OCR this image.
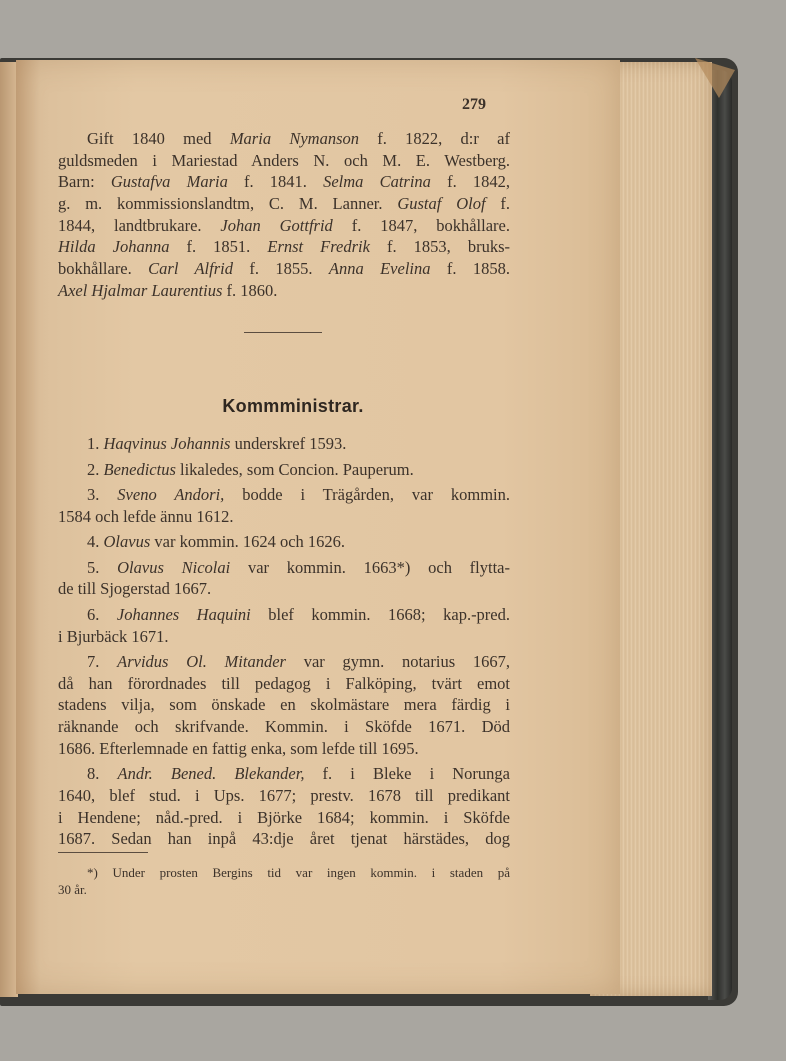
279
Gift 1840 med Maria Nymanson f. 1822, d:r af
guldsmeden i Mariestad Anders N. och M. E. Westberg.
Barn: Gustafva Maria f. 1841. Selma Catrina f. 1842,
g. m. kommissionslandtm, C. M. Lanner. Gustaf Olof f.
1844, landtbrukare. Johan Gottfrid f. 1847, bokhållare.
Hilda Johanna f. 1851. Ernst Fredrik f. 1853, bruks-
bokhållare. Carl Alfrid f. 1855. Anna Evelina f. 1858.
Axel Hjalmar Laurentius f. 1860.
Kommministrar.
1. Haqvinus Johannis underskref 1593.
2. Benedictus likaledes, som Concion. Pauperum.
3. Sveno Andori, bodde i Trägården, var kommin.
1584 och lefde ännu 1612.
4. Olavus var kommin. 1624 och 1626.
5. Olavus Nicolai var kommin. 1663*) och flytta-
de till Sjogerstad 1667.
6. Johannes Haquini blef kommin. 1668; kap.-pred.
i Bjurbäck 1671.
7. Arvidus Ol. Mitander var gymn. notarius 1667,
då han förordnades till pedagog i Falköping, tvärt emot
stadens vilja, som önskade en skolmästare mera färdig i
räknande och skrifvande. Kommin. i Sköfde 1671. Död
1686. Efterlemnade en fattig enka, som lefde till 1695.
8. Andr. Bened. Blekander, f. i Bleke i Norunga
1640, blef stud. i Ups. 1677; prestv. 1678 till predikant
i Hendene; nåd.-pred. i Björke 1684; kommin. i Sköfde
1687. Sedan han inpå 43:dje året tjenat härstädes, dog
*) Under prosten Bergins tid var ingen kommin. i staden på
30 år.
